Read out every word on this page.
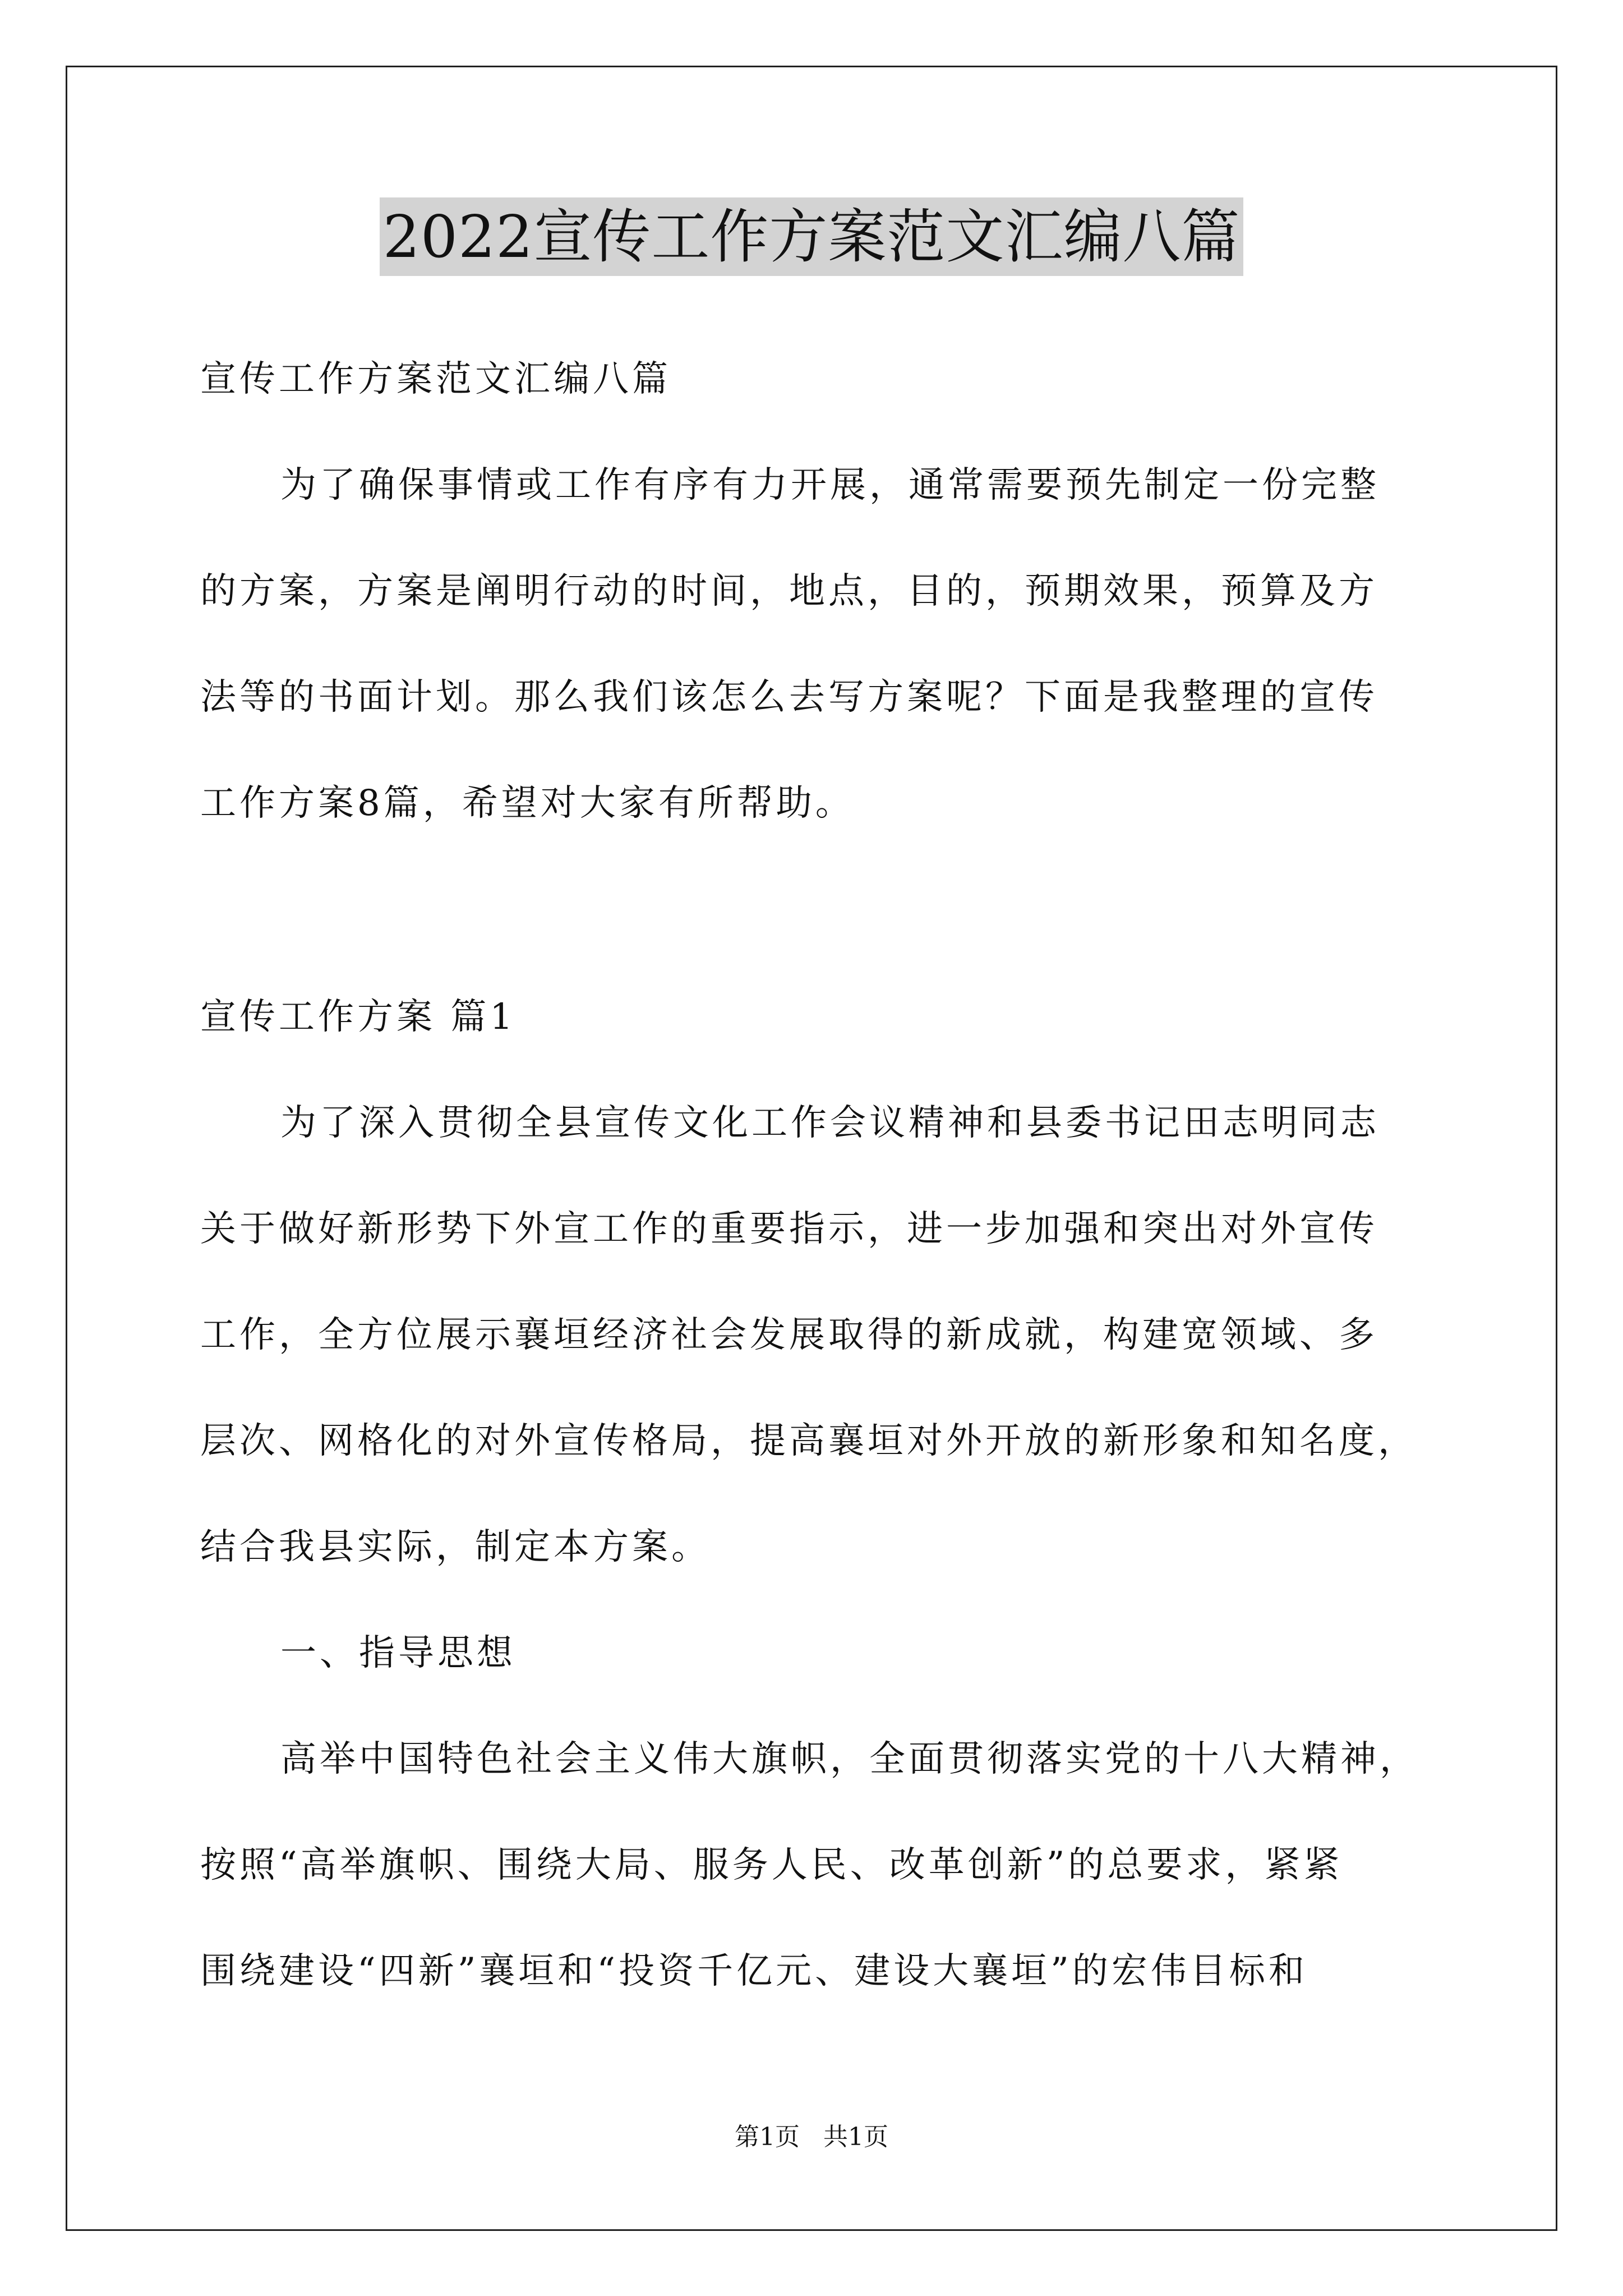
2022宣传工作方案范文汇编八篇
宣传工作方案范文汇编八篇
为了确保事情或工作有序有力开展，通常需要预先制定一份完整
的方案，方案是阐明行动的时间，地点，目的，预期效果，预算及方
法等的书面计划。那么我们该怎么去写方案呢？下面是我整理的宣传
工作方案8篇，希望对大家有所帮助。
宣传工作方案 篇1
为了深入贯彻全县宣传文化工作会议精神和县委书记田志明同志
关于做好新形势下外宣工作的重要指示，进一步加强和突出对外宣传
工作，全方位展示襄垣经济社会发展取得的新成就，构建宽领域、多
层次、网格化的对外宣传格局，提高襄垣对外开放的新形象和知名度，
结合我县实际，制定本方案。
一、指导思想
高举中国特色社会主义伟大旗帜，全面贯彻落实党的十八大精神，
按照“高举旗帜、围绕大局、服务人民、改革创新”的总要求，紧紧
围绕建设“四新”襄垣和“投资千亿元、建设大襄垣”的宏伟目标和
第1页   共1页
